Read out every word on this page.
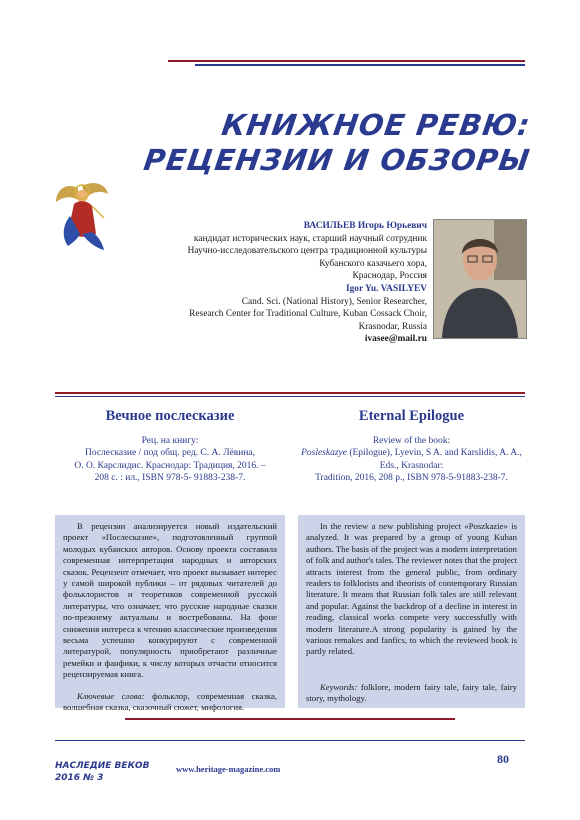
КНИЖНОЕ РЕВЮ:
РЕЦЕНЗИИ И ОБЗОРЫ
ВАСИЛЬЕВ Игорь Юрьевич
кандидат исторических наук, старший научный сотрудник
Научно-исследовательского центра традиционной культуры
Кубанского казачьего хора,
Краснодар, Россия
Igor Yu. VASILYEV
Cand. Sci. (National History), Senior Researcher,
Research Center for Traditional Culture, Kuban Cossack Choir,
Krasnodar, Russia
ivasee@mail.ru
Вечное послесказие
Рец. на книгу:
Послесказие / под общ. ред. С. А. Лёвина,
О. О. Карслидис. Краснодар: Традиция, 2016. –
208 с. : ил., ISBN 978-5- 91883-238-7.
Eternal Epilogue
Review of the book:
Posleskazye (Epilogue), Lyevin, S A. and Karslidis, A. A.,
Eds., Krasnodar:
Tradition, 2016, 208 p., ISBN 978-5-91883-238-7.

В рецензии анализируется новый издательский проект «Послесказие», подготовленный группой молодых кубанских авторов. Основу проекта составила современная интерпретация народных и авторских сказок. Рецензент отмечает, что проект вызывает интерес у самой широкой публики – от рядовых читателей до фольклористов и теоретиков современной русской литературы, что означает, что русские народные сказки по-прежнему актуальны и востребованы. На фоне снижения интереса к чтению классические произведения весьма успешно конкурируют с современной литературой, популярность приобретают различные ремейки и фанфики, к числу которых отчасти относится рецензируемая книга.

Ключевые слова: фольклор, современная сказка, волшебная сказка, сказочный сюжет, мифология.

In the review a new publishing project «Poszkazie» is analyzed. It was prepared by a group of young Kuban authors. The basis of the project was a modern interpretation of folk and author's tales. The reviewer notes that the project attracts interest from the general public, from ordinary readers to folklorists and theorists of contemporary Russian literature. It means that Russian folk tales are still relevant and popular. Against the backdrop of a decline in interest in reading, classical works compete very successfully with modern literature.A strong popularity is gained by the various remakes and fanfics, to which the reviewed book is partly related.

Keywords: folklore, modern fairy tale, fairy tale, fairy story, mythology.

НАСЛЕДИЕ ВЕКОВ
2016 № 3
www.heritage-magazine.com
80
